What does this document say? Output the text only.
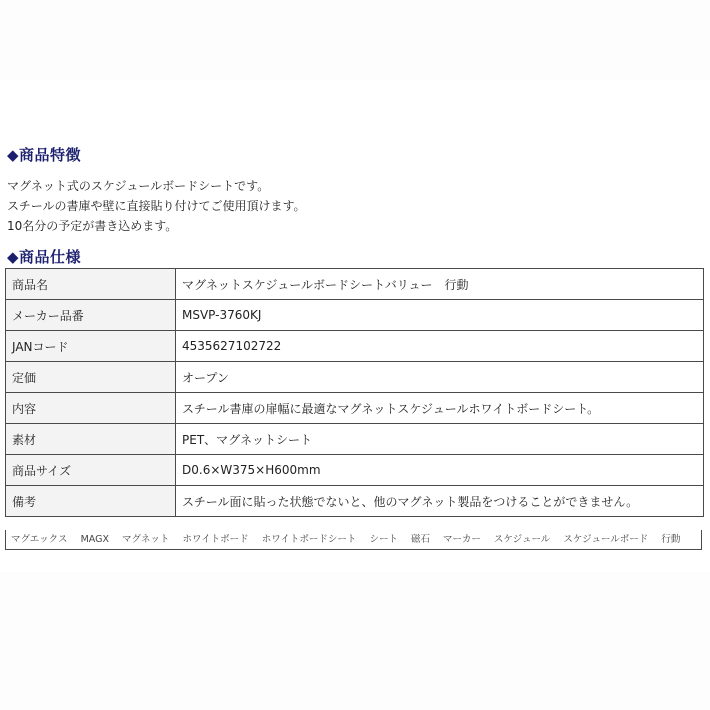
◆商品特徴
マグネット式のスケジュールボードシートです。
スチールの書庫や壁に直接貼り付けてご使用頂けます。
10名分の予定が書き込めます。
◆商品仕様
商品名	マグネットスケジュールボードシートバリュー　行動
メーカー品番	MSVP-3760KJ
JANコード	4535627102722
定価	オープン
内容	スチール書庫の扉幅に最適なマグネットスケジュールホワイトボードシート。
素材	PET、マグネットシート
商品サイズ	D0.6×W375×H600mm
備考	スチール面に貼った状態でないと、他のマグネット製品をつけることができません。
マグエックス MAGX マグネット ホワイトボード ホワイトボードシート シート 磁石 マーカー スケジュール スケジュールボード 行動
